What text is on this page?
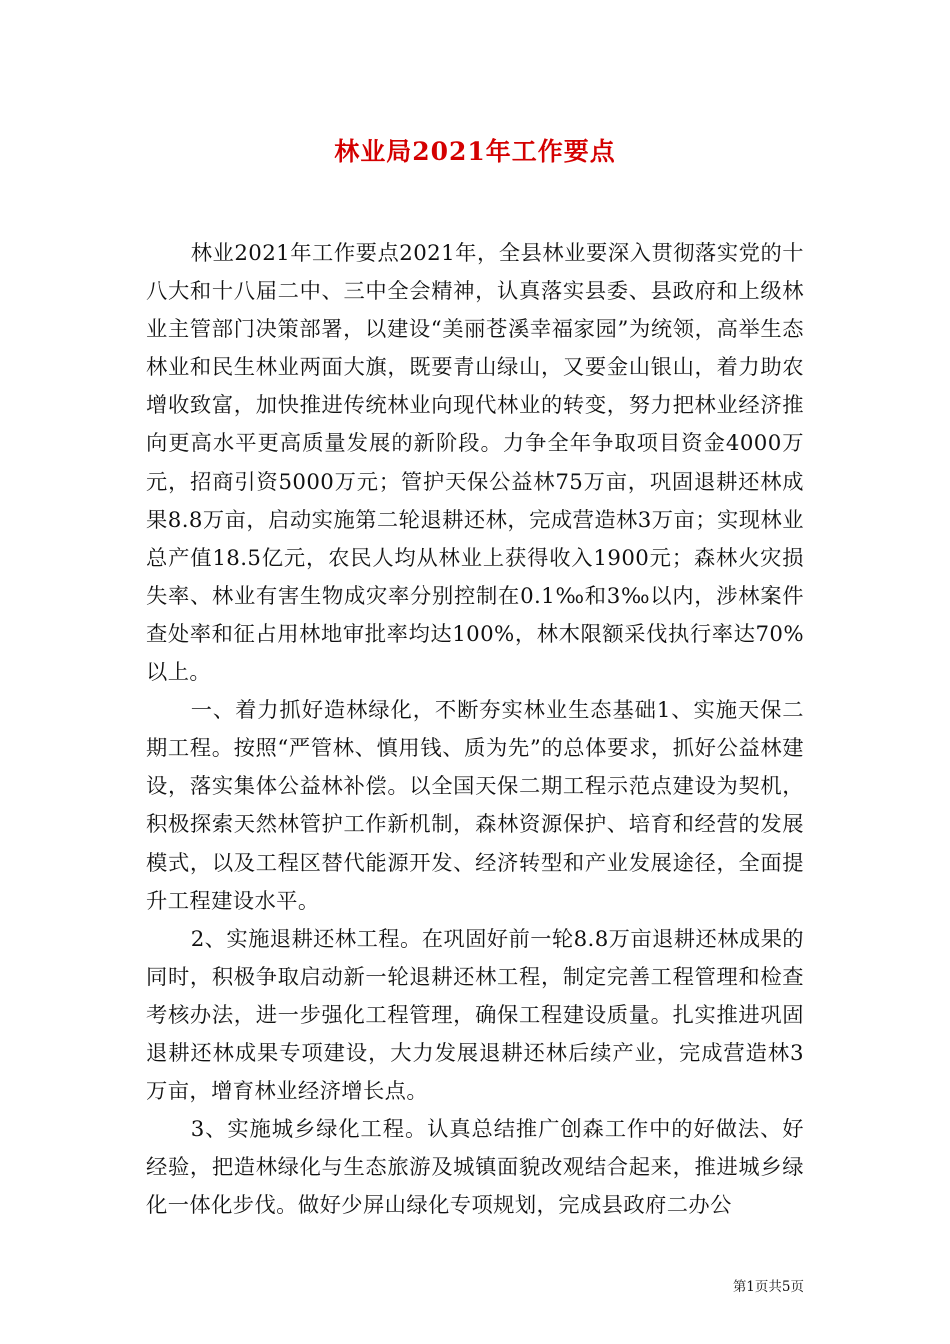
林业局2021年工作要点

林业2021年工作要点2021年，全县林业要深入贯彻落实党的十八大和十八届二中、三中全会精神，认真落实县委、县政府和上级林业主管部门决策部署，以建设“美丽苍溪幸福家园”为统领，高举生态林业和民生林业两面大旗，既要青山绿山，又要金山银山，着力助农增收致富，加快推进传统林业向现代林业的转变，努力把林业经济推向更高水平更高质量发展的新阶段。力争全年争取项目资金4000万元，招商引资5000万元；管护天保公益林75万亩，巩固退耕还林成果8.8万亩，启动实施第二轮退耕还林，完成营造林3万亩；实现林业总产值18.5亿元，农民人均从林业上获得收入1900元；森林火灾损失率、林业有害生物成灾率分别控制在0.1‰和3‰以内，涉林案件查处率和征占用林地审批率均达100%，林木限额采伐执行率达70%以上。

一、着力抓好造林绿化，不断夯实林业生态基础1、实施天保二期工程。按照“严管林、慎用钱、质为先”的总体要求，抓好公益林建设，落实集体公益林补偿。以全国天保二期工程示范点建设为契机，积极探索天然林管护工作新机制，森林资源保护、培育和经营的发展模式，以及工程区替代能源开发、经济转型和产业发展途径，全面提升工程建设水平。

2、实施退耕还林工程。在巩固好前一轮8.8万亩退耕还林成果的同时，积极争取启动新一轮退耕还林工程，制定完善工程管理和检查考核办法，进一步强化工程管理，确保工程建设质量。扎实推进巩固退耕还林成果专项建设，大力发展退耕还林后续产业，完成营造林3万亩，增育林业经济增长点。

3、实施城乡绿化工程。认真总结推广创森工作中的好做法、好经验，把造林绿化与生态旅游及城镇面貌改观结合起来，推进城乡绿化一体化步伐。做好少屏山绿化专项规划，完成县政府二办公

第1页共5页
